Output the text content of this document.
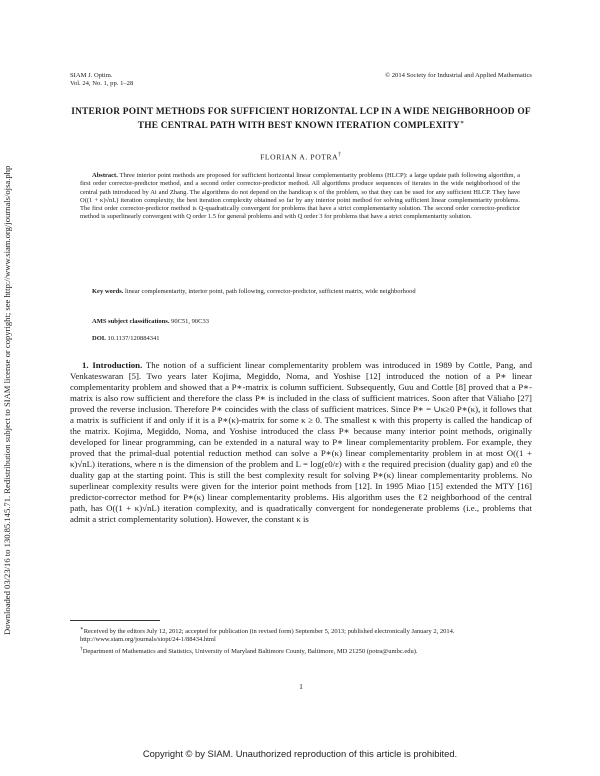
Downloaded 03/23/16 to 130.85.145.71. Redistribution subject to SIAM license or copyright; see http://www.siam.org/journals/ojsa.php
SIAM J. Optim.
Vol. 24, No. 1, pp. 1–28
© 2014 Society for Industrial and Applied Mathematics
INTERIOR POINT METHODS FOR SUFFICIENT HORIZONTAL LCP IN A WIDE NEIGHBORHOOD OF THE CENTRAL PATH WITH BEST KNOWN ITERATION COMPLEXITY∗
FLORIAN A. POTRA†

Abstract. Three interior point methods are proposed for sufficient horizontal linear complementarity problems (HLCP): a large update path following algorithm, a first order corrector-predictor method, and a second order corrector-predictor method. All algorithms produce sequences of iterates in the wide neighborhood of the central path introduced by Ai and Zhang. The algorithms do not depend on the handicap κ of the problem, so that they can be used for any sufficient HLCP. They have O((1 + κ)√nL) iteration complexity, the best iteration complexity obtained so far by any interior point method for solving sufficient linear complementarity problems. The first order corrector-predictor method is Q-quadratically convergent for problems that have a strict complementarity solution. The second order corrector-predictor method is superlinearly convergent with Q order 1.5 for general problems and with Q order 3 for problems that have a strict complementarity solution.

Key words. linear complementarity, interior point, path following, corrector-predictor, sufficient matrix, wide neighborhood

AMS subject classifications. 90C51, 90C33

DOI. 10.1137/120884341

1. Introduction. The notion of a sufficient linear complementarity problem was introduced in 1989 by Cottle, Pang, and Venkateswaran [5]. Two years later Kojima, Megiddo, Noma, and Yoshise [12] introduced the notion of a P∗ linear complementarity problem and showed that a P∗-matrix is column sufficient. Subsequently, Guu and Cottle [8] proved that a P∗-matrix is also row sufficient and therefore the class P∗ is included in the class of sufficient matrices. Soon after that Väliaho [27] proved the reverse inclusion. Therefore P∗ coincides with the class of sufficient matrices. Since P∗ = ∪κ≥0 P∗(κ), it follows that a matrix is sufficient if and only if it is a P∗(κ)-matrix for some κ ≥ 0. The smallest κ with this property is called the handicap of the matrix. Kojima, Megiddo, Noma, and Yoshise introduced the class P∗ because many interior point methods, originally developed for linear programming, can be extended in a natural way to P∗ linear complementarity problem. For example, they proved that the primal-dual potential reduction method can solve a P∗(κ) linear complementarity problem in at most O((1 + κ)√nL) iterations, where n is the dimension of the problem and L = log(ε0/ε) with ε the required precision (duality gap) and ε0 the duality gap at the starting point. This is still the best complexity result for solving P∗(κ) linear complementarity problems. No superlinear complexity results were given for the interior point methods from [12]. In 1995 Miao [15] extended the MTY [16] predictor-corrector method for P∗(κ) linear complementarity problems. His algorithm uses the ℓ2 neighborhood of the central path, has O((1 + κ)√nL) iteration complexity, and is quadratically convergent for nondegenerate problems (i.e., problems that admit a strict complementarity solution). However, the constant κ is

∗Received by the editors July 12, 2012; accepted for publication (in revised form) September 5, 2013; published electronically January 2, 2014.

http://www.siam.org/journals/siopt/24-1/88434.html

†Department of Mathematics and Statistics, University of Maryland Baltimore County, Baltimore, MD 21250 (potra@umbc.edu).

1
Copyright © by SIAM. Unauthorized reproduction of this article is prohibited.
